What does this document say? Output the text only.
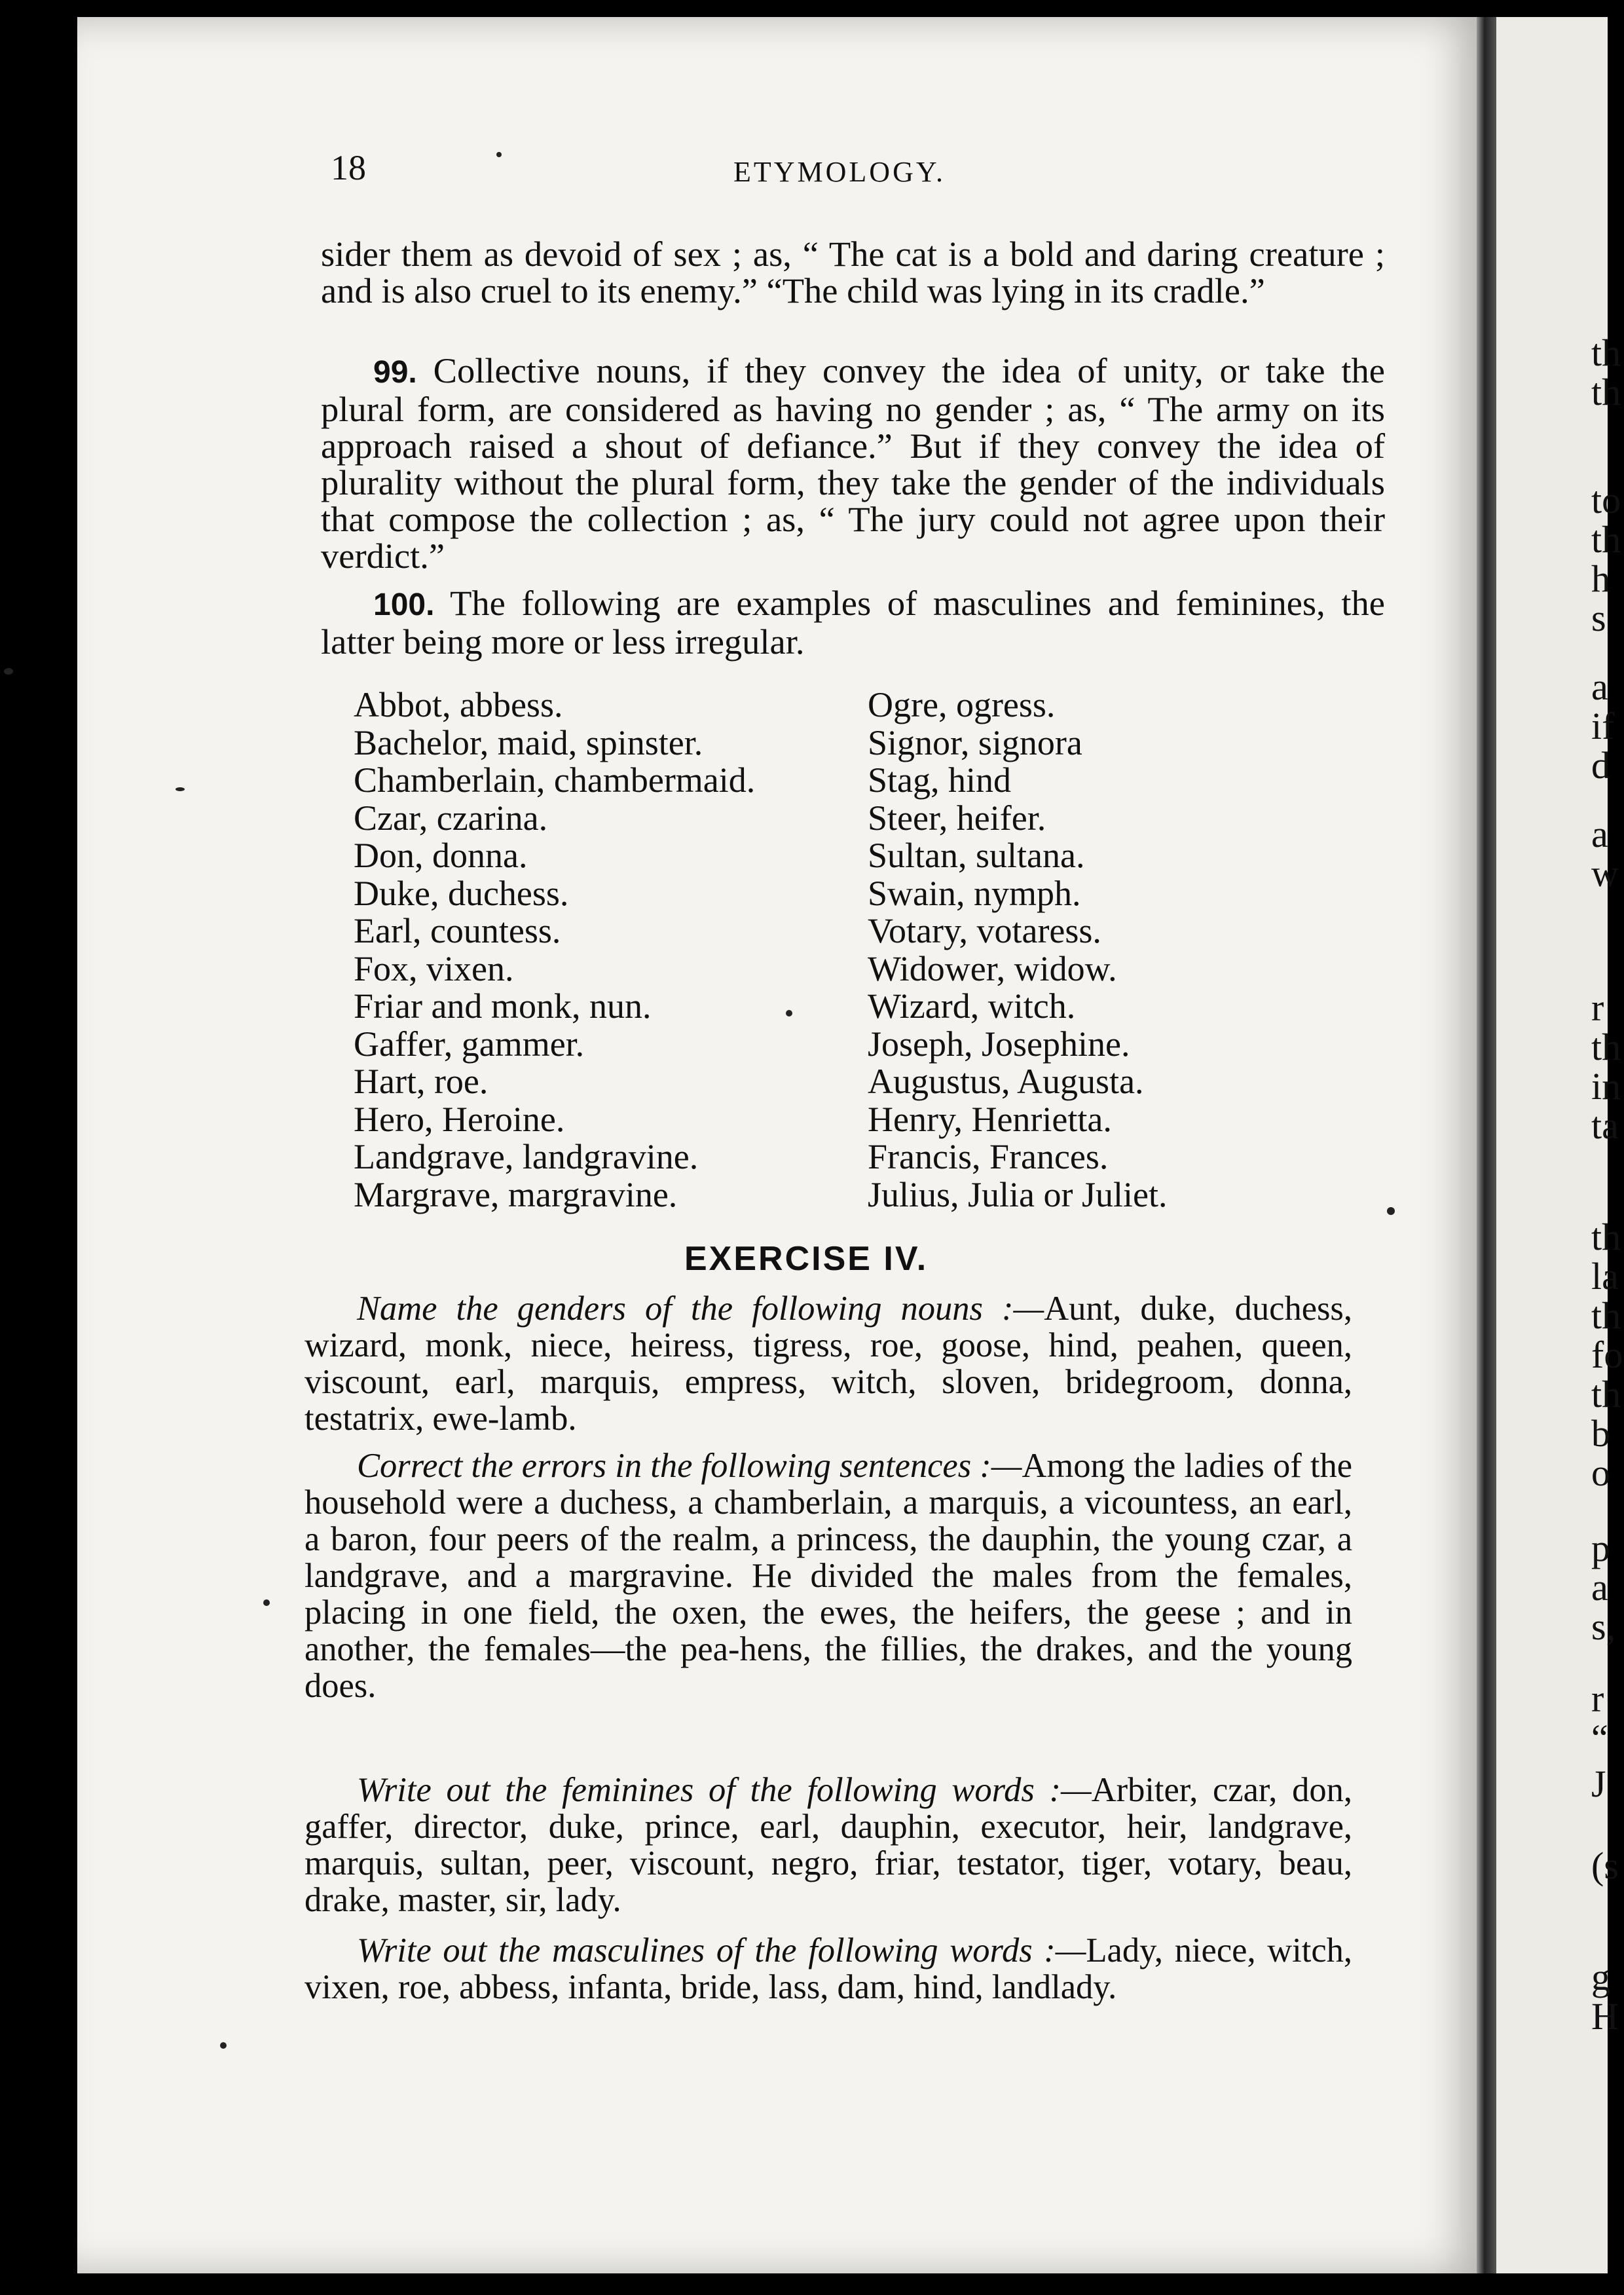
18	ETYMOLOGY.
sider them as devoid of sex ; as, “ The cat is a bold and daring creature ; and is also cruel to its enemy.” “The child was lying in its cradle.”
99. Collective nouns, if they convey the idea of unity, or take the plural form, are considered as having no gender ; as, “ The army on its approach raised a shout of defiance.” But if they convey the idea of plurality without the plural form, they take the gender of the individuals that compose the collection ; as, “ The jury could not agree upon their verdict.”
100. The following are examples of masculines and feminines, the latter being more or less irregular.
Abbot, abbess.
Bachelor, maid, spinster.
Chamberlain, chambermaid.
Czar, czarina.
Don, donna.
Duke, duchess.
Earl, countess.
Fox, vixen.
Friar and monk, nun.
Gaffer, gammer.
Hart, roe.
Hero, Heroine.
Landgrave, landgravine.
Margrave, margravine.
Ogre, ogress.
Signor, signora
Stag, hind
Steer, heifer.
Sultan, sultana.
Swain, nymph.
Votary, votaress.
Widower, widow.
Wizard, witch.
Joseph, Josephine.
Augustus, Augusta.
Henry, Henrietta.
Francis, Frances.
Julius, Julia or Juliet.
EXERCISE IV.
Name the genders of the following nouns :—Aunt, duke, duchess, wizard, monk, niece, heiress, tigress, roe, goose, hind, peahen, queen, viscount, earl, marquis, empress, witch, sloven, bridegroom, donna, testatrix, ewe-lamb.
Correct the errors in the following sentences :—Among the ladies of the household were a duchess, a chamberlain, a marquis, a vicountess, an earl, a baron, four peers of the realm, a princess, the dauphin, the young czar, a landgrave, and a margravine. He divided the males from the females, placing in one field, the oxen, the ewes, the heifers, the geese ; and in another, the females—the pea-hens, the fillies, the drakes, and the young does.
Write out the feminines of the following words :—Arbiter, czar, don, gaffer, director, duke, prince, earl, dauphin, executor, heir, landgrave, marquis, sultan, peer, viscount, negro, friar, testator, tiger, votary, beau, drake, master, sir, lady.
Write out the masculines of the following words :—Lady, niece, witch, vixen, roe, abbess, infanta, bride, lass, dam, hind, landlady.
th
th
to
th
h
s
a
if
d
a
w
r
th
in
ta
th
la
th
fo
th
b
o
p
a
s,
r
“
J
(s
g
H
